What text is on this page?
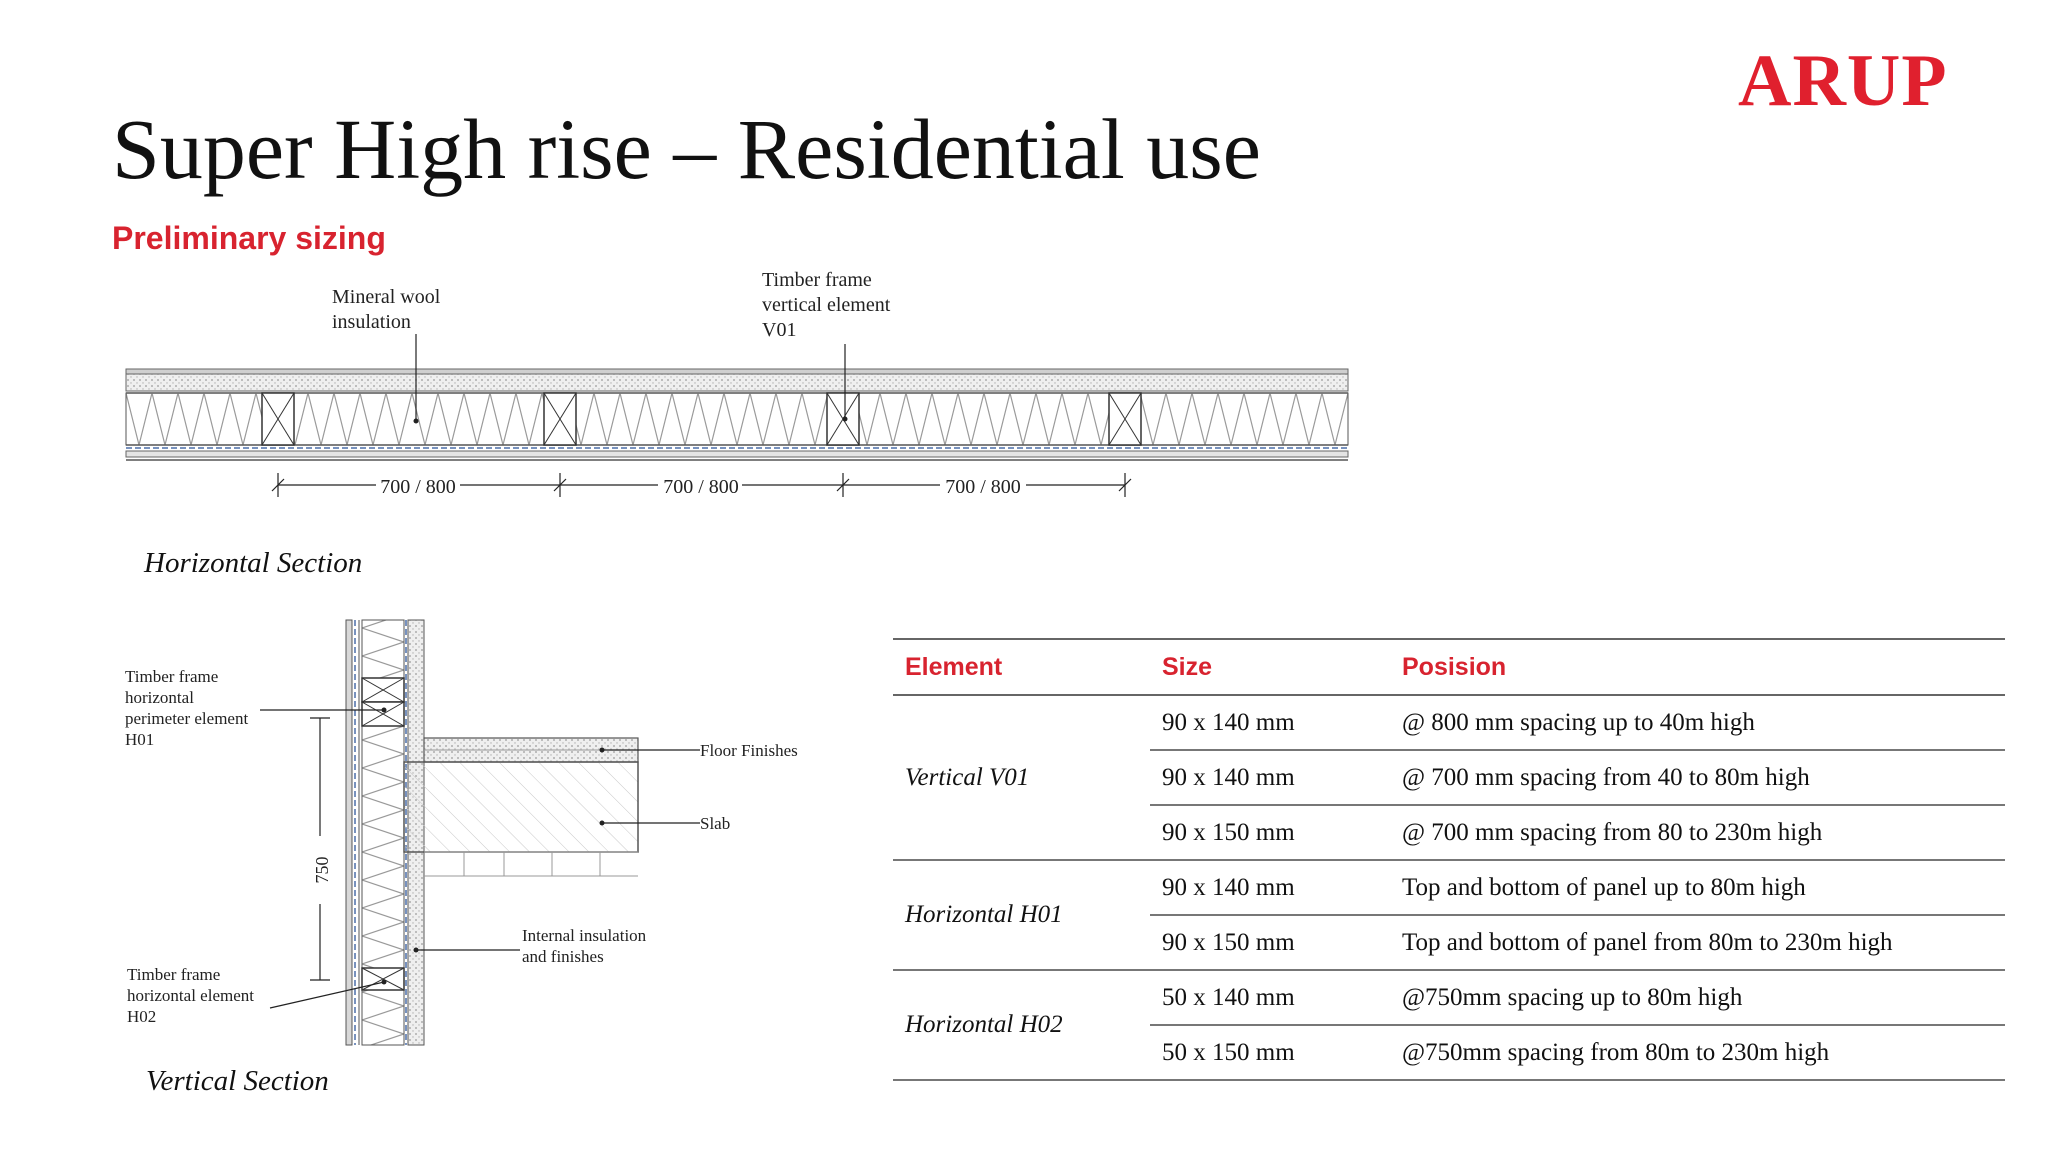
ARUP
Super High rise – Residential use
Preliminary sizing
Mineral wool
insulation
Timber frame
vertical element
V01
700 / 800	700 / 800	700 / 800
Horizontal Section
750
Timber frame
horizontal
perimeter element
H01
Floor Finishes
Slab
Internal insulation
and finishes
Timber frame
horizontal element
H02
Vertical Section
Element	Size	Posision
Vertical V01	90 x 140 mm	@ 800 mm spacing up to 40m high
	90 x 140 mm	@ 700 mm spacing from 40 to 80m high
	90 x 150 mm	@ 700 mm spacing from 80 to 230m high
Horizontal H01	90 x 140 mm	Top and bottom of panel up to 80m high
	90 x 150 mm	Top and bottom of panel from 80m to 230m high
Horizontal H02	50 x 140 mm	@750mm spacing up to 80m high
	50 x 150 mm	@750mm spacing from 80m to 230m high
